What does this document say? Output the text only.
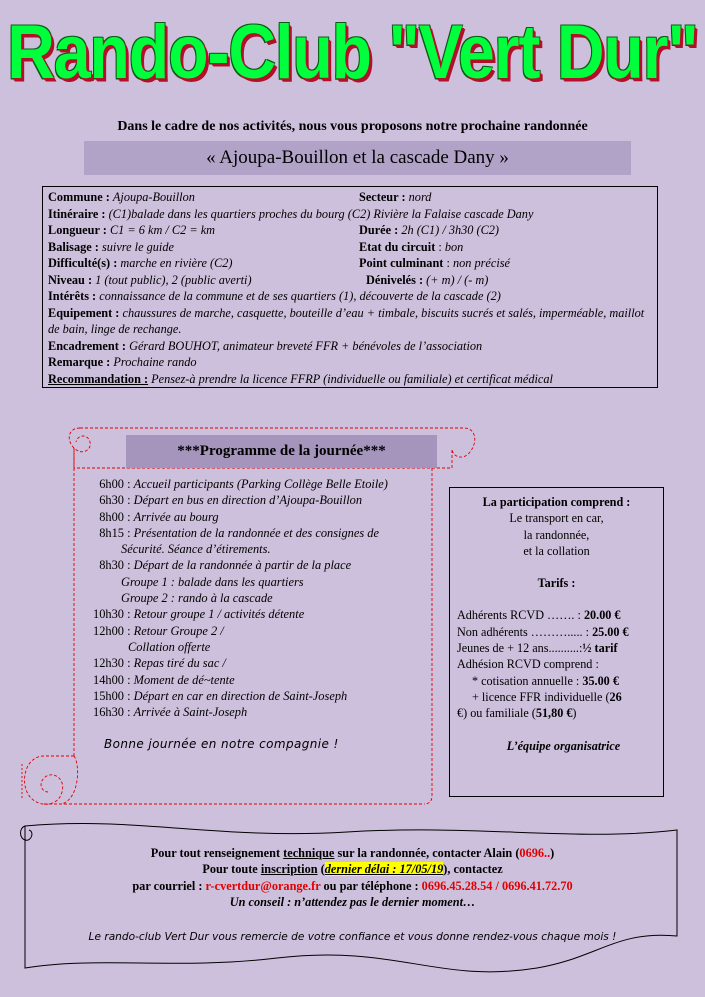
Rando-Club "Vert Dur"
Dans le cadre de nos activités, nous vous proposons notre prochaine randonnée
« Ajoupa-Bouillon et la cascade Dany »
Commune : Ajoupa-Bouillon	Secteur : nord
Itinéraire : (C1)balade dans les quartiers proches du bourg (C2) Rivière la Falaise cascade Dany
Longueur : C1 = 6 km / C2 = km	Durée : 2h (C1) / 3h30 (C2)
Balisage : suivre le guide	Etat du circuit : bon
Difficulté(s) : marche en rivière (C2)	Point culminant : non précisé
Niveau : 1 (tout public), 2 (public averti)	Dénivelés : (+ m) / (- m)
Intérêts : connaissance de la commune et de ses quartiers (1), découverte de la cascade (2)
Equipement : chaussures de marche, casquette, bouteille d’eau + timbale, biscuits sucrés et salés, imperméable, maillot de bain, linge de rechange.
Encadrement : Gérard BOUHOT, animateur breveté FFR + bénévoles de l’association
Remarque : Prochaine rando
Recommandation : Pensez-à prendre la licence FFRP (individuelle ou familiale) et certificat médical
***Programme de la journée***
6h00 : Accueil participants (Parking Collège Belle Etoile)
6h30 : Départ en bus en direction d’Ajoupa-Bouillon
8h00 : Arrivée au bourg
8h15 : Présentation de la randonnée et des consignes de
Sécurité. Séance d’étirements.
8h30 : Départ de la randonnée à partir de la place
Groupe 1 : balade dans les quartiers
Groupe 2 : rando à la cascade
10h30 : Retour groupe 1 / activités détente
12h00 : Retour Groupe 2 /
Collation offerte
12h30 : Repas tiré du sac /
14h00 : Moment de dé~tente
15h00 : Départ en car en direction de Saint-Joseph
16h30 : Arrivée à Saint-Joseph
Bonne journée en notre compagnie !
La participation comprend :
Le transport en car,
la randonnée,
et la collation
Tarifs :
Adhérents RCVD ……. : 20.00 €
Non adhérents ………..... : 25.00 €
Jeunes de + 12 ans..........:½ tarif
Adhésion RCVD comprend :
* cotisation annuelle : 35.00 €
+ licence FFR individuelle (26
€) ou familiale (51,80 €)
L’équipe organisatrice
Pour tout renseignement technique sur la randonnée, contacter Alain (0696..)
Pour toute inscription (dernier délai : 17/05/19), contactez
par courriel : r-cvertdur@orange.fr ou par téléphone : 0696.45.28.54 / 0696.41.72.70
Un conseil : n’attendez pas le dernier moment…
Le rando-club Vert Dur vous remercie de votre confiance et vous donne rendez-vous chaque mois !
